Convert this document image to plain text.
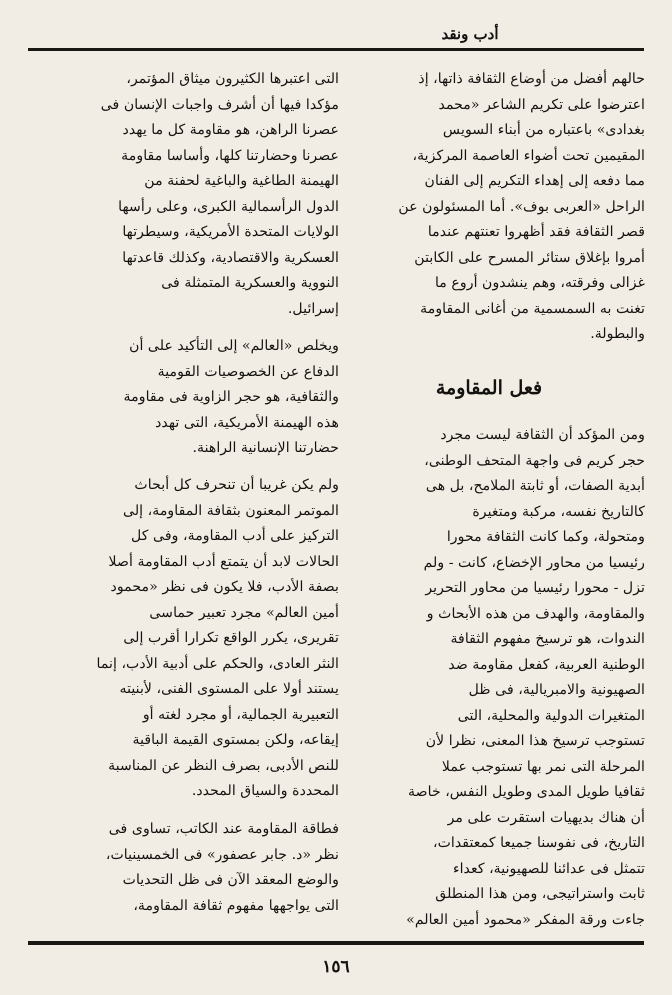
أدب ونقد

حالهم أفضل من أوضاع الثقافة ذاتها، إذ
اعترضوا على تكريم الشاعر «محمد
بغدادى» باعتباره من أبناء السويس
المقيمين تحت أضواء العاصمة المركزية،
مما دفعه إلى إهداء التكريم إلى الفنان
الراحل «العربى بوف». أما المسئولون عن
قصر الثقافة فقد أظهروا تعنتهم عندما
أمروا بإغلاق ستائر المسرح على الكابتن
غزالى وفرقته، وهم ينشدون أروع ما
تغنت به السمسمية من أغانى المقاومة
والبطولة.

فعل المقاومة

ومن المؤكد أن الثقافة ليست مجرد
حجر كريم فى واجهة المتحف الوطنى،
أبدية الصفات، أو ثابتة الملامح، بل هى
كالتاريخ نفسه، مركبة ومتغيرة
ومتحولة، وكما كانت الثقافة محورا
رئيسيا من محاور الإخضاع، كانت - ولم
تزل - محورا رئيسيا من محاور التحرير
والمقاومة، والهدف من هذه الأبحاث و
الندوات، هو ترسيخ مفهوم الثقافة
الوطنية العربية، كفعل مقاومة ضد
الصهيونية والامبريالية، فى ظل
المتغيرات الدولية والمحلية، التى
تستوجب ترسيخ هذا المعنى، نظرا لأن
المرحلة التى نمر بها تستوجب عملا
ثقافيا طويل المدى وطويل النفس، خاصة
أن هناك بديهيات استقرت على مر
التاريخ، فى نفوسنا جميعا كمعتقدات،
تتمثل فى عدائنا للصهيونية، كعداء
ثابت واستراتيجى، ومن هذا المنطلق
جاءت ورقة المفكر «محمود أمين العالم»

التى اعتبرها الكثيرون ميثاق المؤتمر،
مؤكدا فيها أن أشرف واجبات الإنسان فى
عصرنا الراهن، هو مقاومة كل ما يهدد
عصرنا وحضارتنا كلها، وأساسا مقاومة
الهيمنة الطاغية والباغية لحفنة من
الدول الرأسمالية الكبرى، وعلى رأسها
الولايات المتحدة الأمريكية، وسيطرتها
العسكرية والاقتصادية، وكذلك قاعدتها
النووية والعسكرية المتمثلة فى
إسرائيل.

ويخلص «العالم» إلى التأكيد على أن
الدفاع عن الخصوصيات القومية
والثقافية، هو حجر الزاوية فى مقاومة
هذه الهيمنة الأمريكية، التى تهدد
حضارتنا الإنسانية الراهنة.

ولم يكن غريبا أن تنحرف كل أبحاث
الموتمر المعنون بثقافة المقاومة، إلى
التركيز على أدب المقاومة، وفى كل
الحالات لابد أن يتمتع أدب المقاومة أصلا
بصفة الأدب، فلا يكون فى نظر «محمود
أمين العالم» مجرد تعبير حماسى
تقريرى، يكرر الواقع تكرارا أقرب إلى
النثر العادى، والحكم على أدبية الأدب، إنما
يستند أولا على المستوى الفنى، لأبنيته
التعبيرية الجمالية، أو مجرد لغته أو
إيقاعه، ولكن بمستوى القيمة الباقية
للنص الأدبى، بصرف النظر عن المناسبة
المحددة والسياق المحدد.

فطاقة المقاومة عند الكاتب، تساوى فى
نظر «د. جابر عصفور» فى الخمسينيات،
والوضع المعقد الآن فى ظل التحديات
التى يواجهها مفهوم ثقافة المقاومة،

١٥٦
